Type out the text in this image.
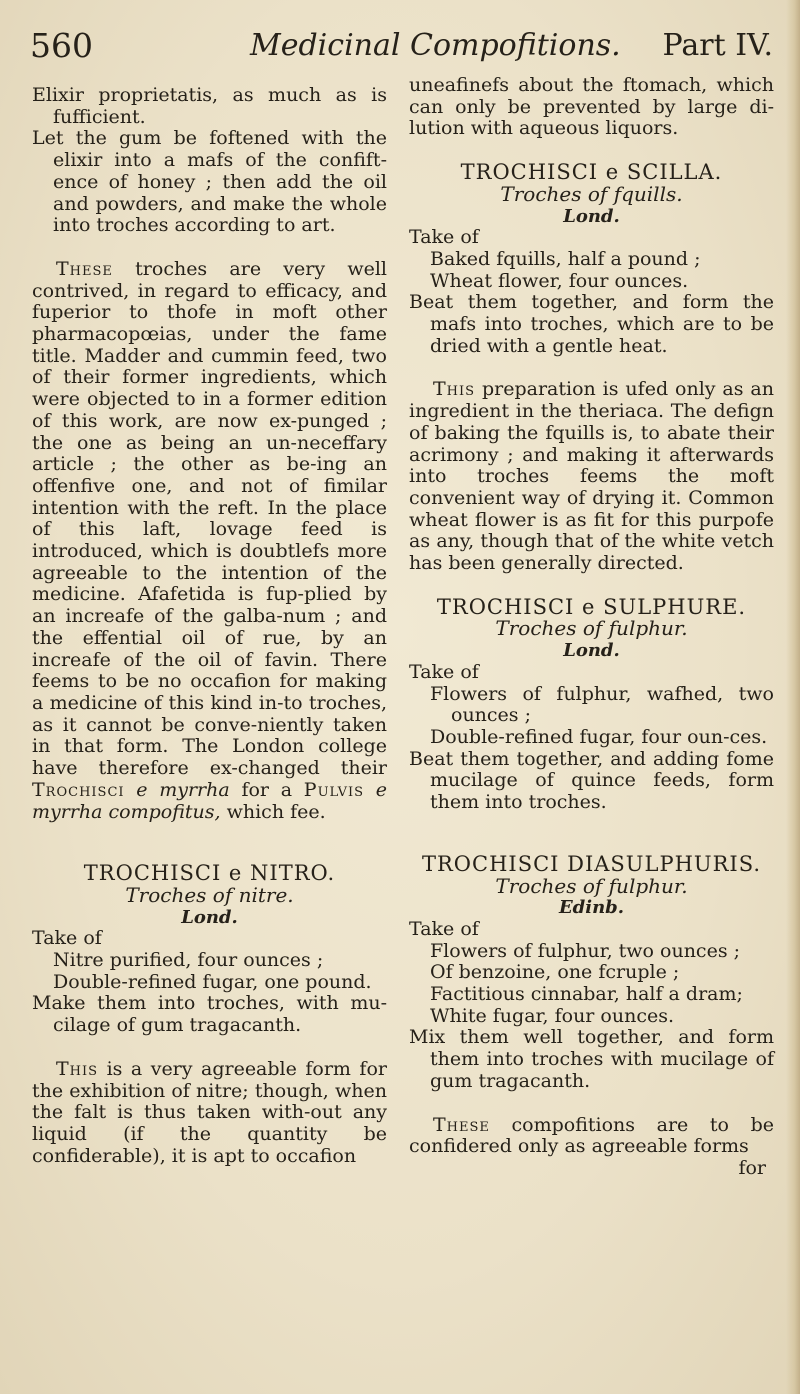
560	Medicinal Compofitions. Part IV.

Elixir proprietatis, as much as is fufficient.

Let the gum be foftened with the elixir into a mafs of the confift-ence of honey ; then add the oil and powders, and make the whole into troches according to art.

These troches are very well contrived, in regard to efficacy, and fuperior to thofe in moft other pharmacopœias, under the fame title. Madder and cummin feed, two of their former ingredients, which were objected to in a former edition of this work, are now ex-punged ; the one as being an un-neceffary article ; the other as be-ing an offenfive one, and not of fimilar intention with the reft. In the place of this laft, lovage feed is introduced, which is doubtlefs more agreeable to the intention of the medicine. Afafetida is fup-plied by an increafe of the galba-num ; and the effential oil of rue, by an increafe of the oil of favin. There feems to be no occafion for making a medicine of this kind in-to troches, as it cannot be conve-niently taken in that form. The London college have therefore ex-changed their Trochisci e myrrha for a Pulvis e myrrha compofitus, which fee.

TROCHISCI e NITRO.

Troches of nitre.

Lond.

Take of

Nitre purified, four ounces ;

Double-refined fugar, one pound.

Make them into troches, with mu-cilage of gum tragacanth.

This is a very agreeable form for the exhibition of nitre; though, when the falt is thus taken with-out any liquid (if the quantity be confiderable), it is apt to occafion

uneafinefs about the ftomach, which can only be prevented by large di-lution with aqueous liquors.

TROCHISCI e SCILLA.

Troches of fquills.

Lond.

Take of

Baked fquills, half a pound ;

Wheat flower, four ounces.

Beat them together, and form the mafs into troches, which are to be dried with a gentle heat.

This preparation is ufed only as an ingredient in the theriaca. The defign of baking the fquills is, to abate their acrimony ; and making it afterwards into troches feems the moft convenient way of drying it. Common wheat flower is as fit for this purpofe as any, though that of the white vetch has been generally directed.

TROCHISCI e SULPHURE.

Troches of fulphur.

Lond.

Take of

Flowers of fulphur, wafhed, two ounces ;

Double-refined fugar, four oun-ces.

Beat them together, and adding fome mucilage of quince feeds, form them into troches.

TROCHISCI DIASULPHURIS.

Troches of fulphur.

Edinb.

Take of

Flowers of fulphur, two ounces ;

Of benzoine, one fcruple ;

Factitious cinnabar, half a dram;

White fugar, four ounces.

Mix them well together, and form them into troches with mucilage of gum tragacanth.

These compofitions are to be confidered only as agreeable forms

for
